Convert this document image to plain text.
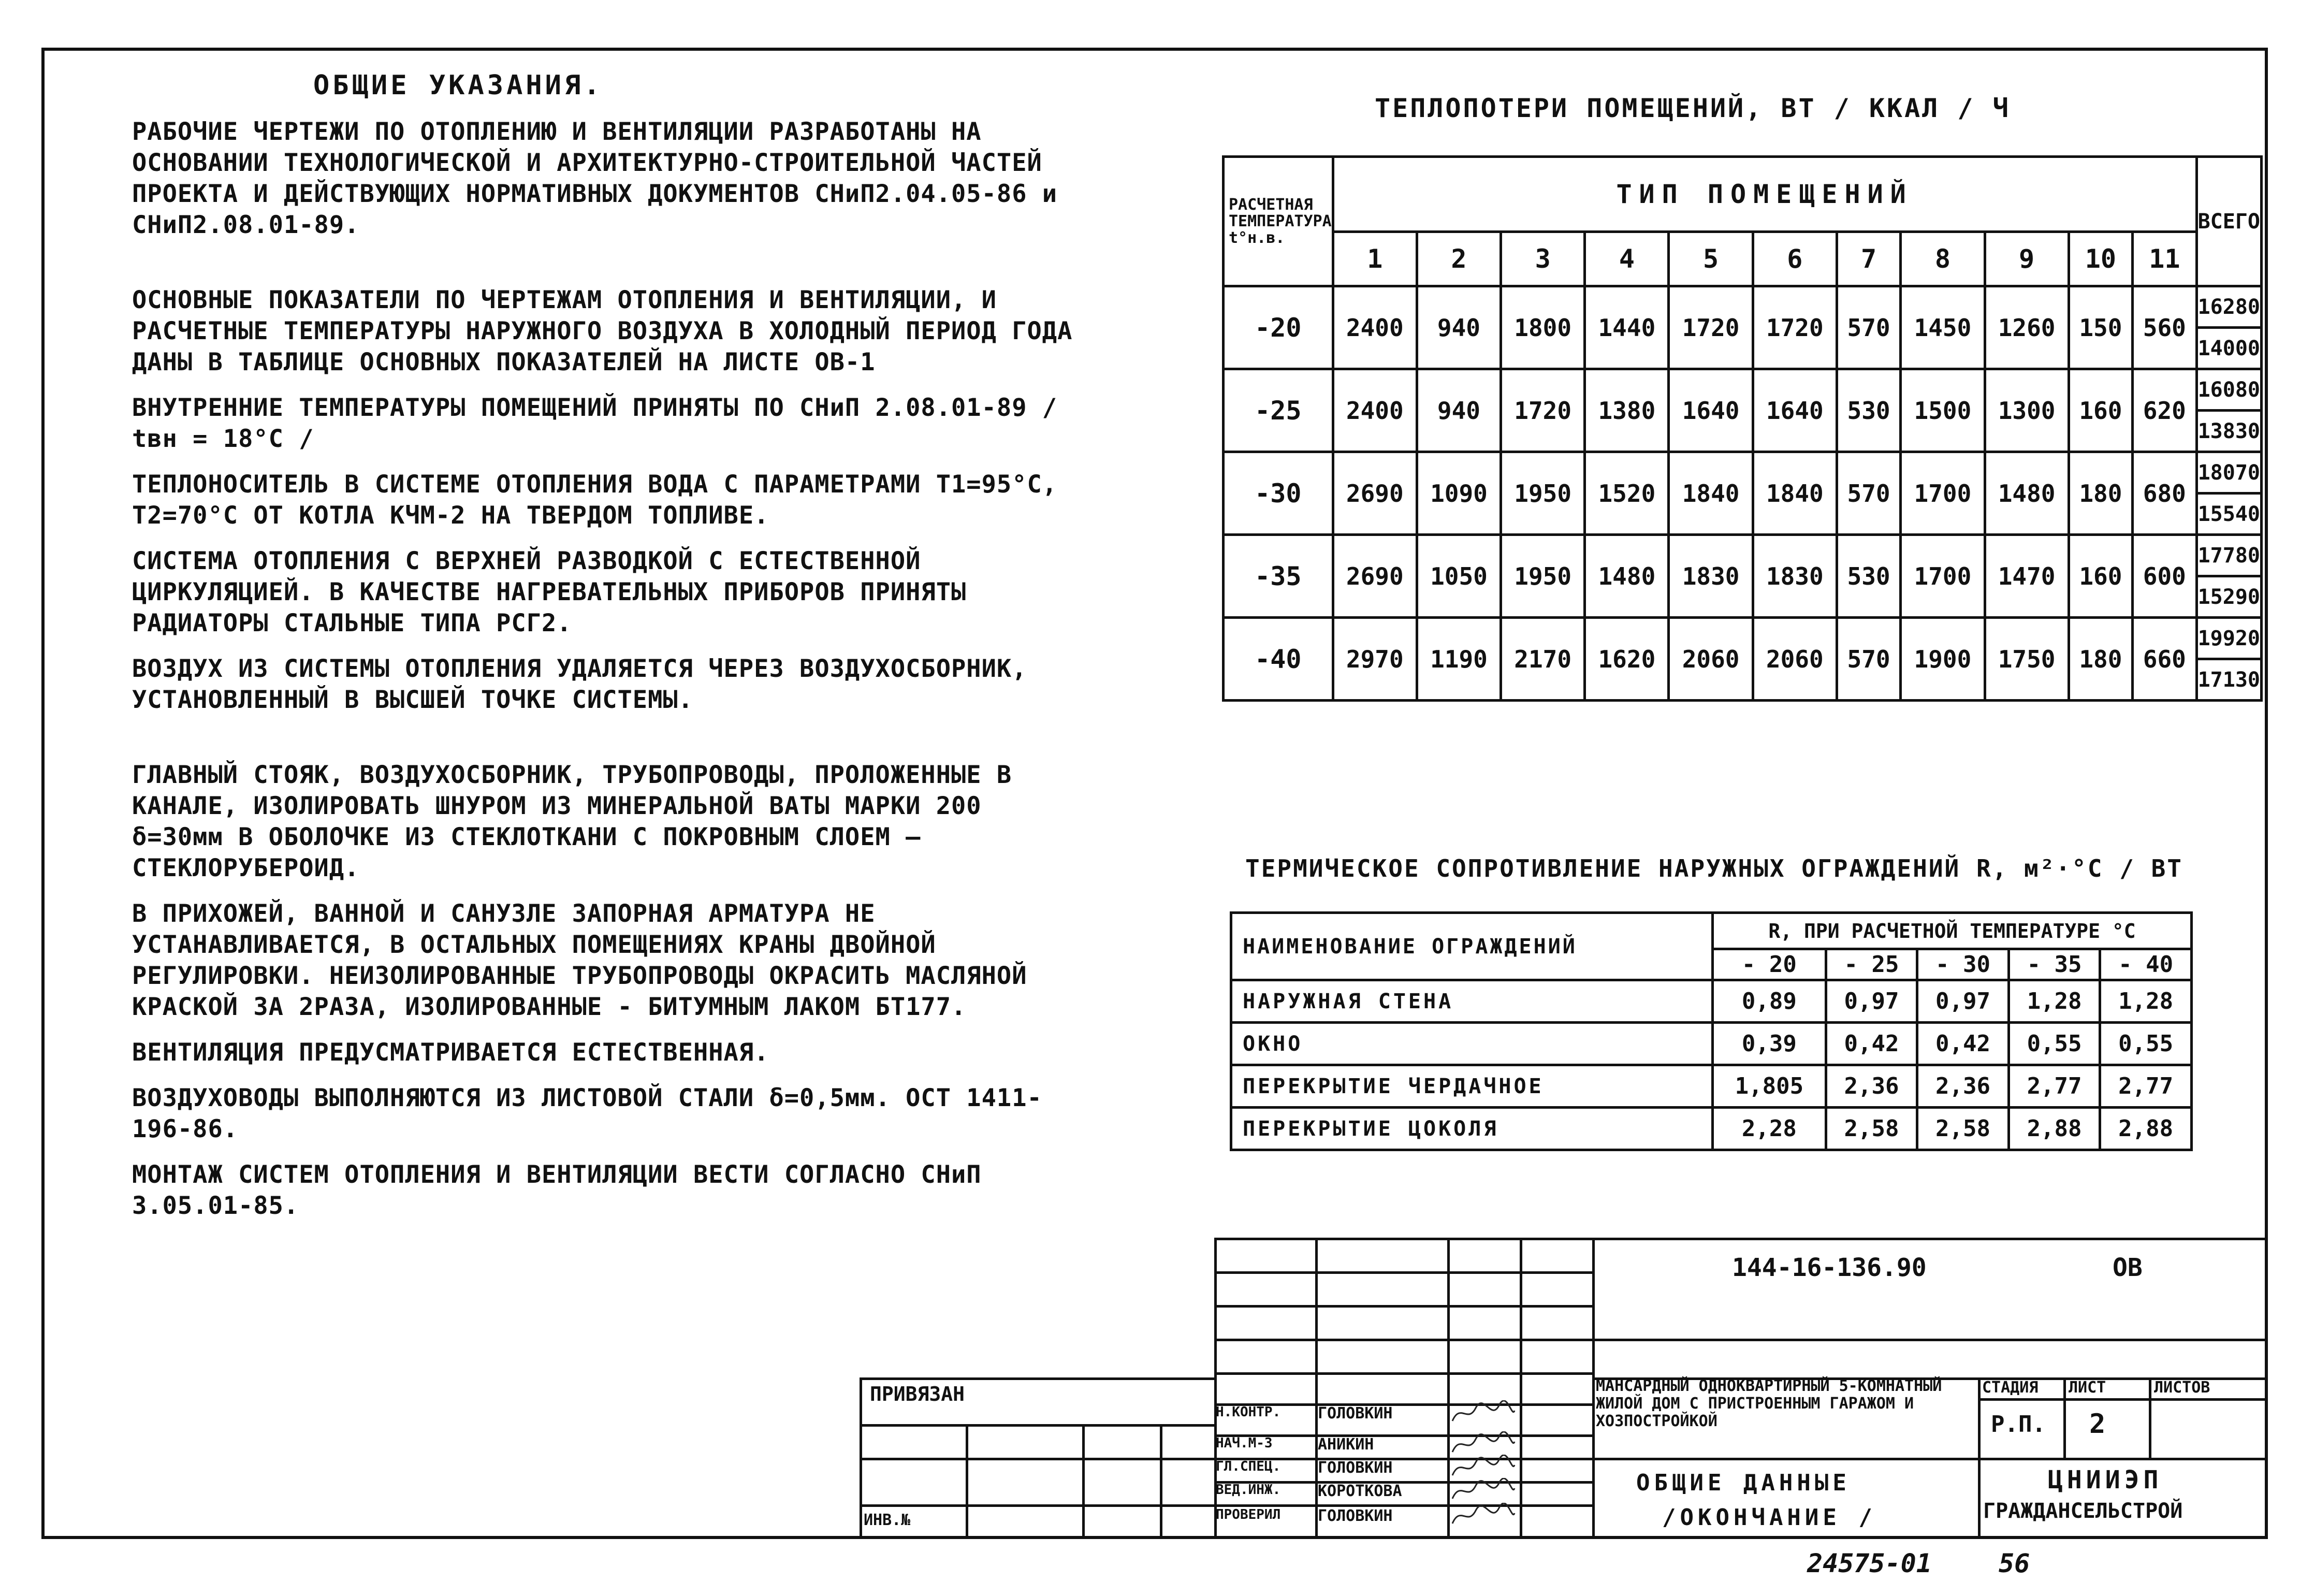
ОБЩИЕ УКАЗАНИЯ.

РАБОЧИЕ ЧЕРТЕЖИ ПО ОТОПЛЕНИЮ И ВЕНТИЛЯЦИИ РАЗРАБОТАНЫ НА ОСНОВАНИИ ТЕХНОЛОГИЧЕСКОЙ И АРХИТЕКТУРНО-СТРОИТЕЛЬНОЙ ЧАСТЕЙ ПРОЕКТА И ДЕЙСТВУЮЩИХ НОРМАТИВНЫХ ДОКУМЕНТОВ СНиП2.04.05-86 и СНиП2.08.01-89.

ОСНОВНЫЕ ПОКАЗАТЕЛИ ПО ЧЕРТЕЖАМ ОТОПЛЕНИЯ И ВЕНТИЛЯЦИИ, И РАСЧЕТНЫЕ ТЕМПЕРАТУРЫ НАРУЖНОГО ВОЗДУХА В ХОЛОДНЫЙ ПЕРИОД ГОДА ДАНЫ В ТАБЛИЦЕ ОСНОВНЫХ ПОКАЗАТЕЛЕЙ НА ЛИСТЕ ОВ-1

ВНУТРЕННИЕ ТЕМПЕРАТУРЫ ПОМЕЩЕНИЙ ПРИНЯТЫ ПО СНиП 2.08.01-89 / tвн = 18°C /

ТЕПЛОНОСИТЕЛЬ В СИСТЕМЕ ОТОПЛЕНИЯ ВОДА С ПАРАМЕТРАМИ Т1=95°С, Т2=70°С ОТ КОТЛА КЧМ-2 НА ТВЕРДОМ ТОПЛИВЕ.

СИСТЕМА ОТОПЛЕНИЯ С ВЕРХНЕЙ РАЗВОДКОЙ С ЕСТЕСТВЕННОЙ ЦИРКУЛЯЦИЕЙ. В КАЧЕСТВЕ НАГРЕВАТЕЛЬНЫХ ПРИБОРОВ ПРИНЯТЫ РАДИАТОРЫ СТАЛЬНЫЕ ТИПА РСГ2.

ВОЗДУХ ИЗ СИСТЕМЫ ОТОПЛЕНИЯ УДАЛЯЕТСЯ ЧЕРЕЗ ВОЗДУХОСБОРНИК, УСТАНОВЛЕННЫЙ В ВЫСШЕЙ ТОЧКЕ СИСТЕМЫ.

ГЛАВНЫЙ СТОЯК, ВОЗДУХОСБОРНИК, ТРУБОПРОВОДЫ, ПРОЛОЖЕННЫЕ В КАНАЛЕ, ИЗОЛИРОВАТЬ ШНУРОМ ИЗ МИНЕРАЛЬНОЙ ВАТЫ МАРКИ 200 δ=30мм В ОБОЛОЧКЕ ИЗ СТЕКЛОТКАНИ С ПОКРОВНЫМ СЛОЕМ — СТЕКЛОРУБЕРОИД.

В ПРИХОЖЕЙ, ВАННОЙ И САНУЗЛЕ ЗАПОРНАЯ АРМАТУРА НЕ УСТАНАВЛИВАЕТСЯ, В ОСТАЛЬНЫХ ПОМЕЩЕНИЯХ КРАНЫ ДВОЙНОЙ РЕГУЛИРОВКИ. НЕИЗОЛИРОВАННЫЕ ТРУБОПРОВОДЫ ОКРАСИТЬ МАСЛЯНОЙ КРАСКОЙ ЗА 2РАЗА, ИЗОЛИРОВАННЫЕ - БИТУМНЫМ ЛАКОМ БТ177.

ВЕНТИЛЯЦИЯ ПРЕДУСМАТРИВАЕТСЯ ЕСТЕСТВЕННАЯ.

ВОЗДУХОВОДЫ ВЫПОЛНЯЮТСЯ ИЗ ЛИСТОВОЙ СТАЛИ δ=0,5мм. ОСТ 1411-196-86.

МОНТАЖ СИСТЕМ ОТОПЛЕНИЯ И ВЕНТИЛЯЦИИ ВЕСТИ СОГЛАСНО СНиП 3.05.01-85.

ТЕПЛОПОТЕРИ ПОМЕЩЕНИЙ, ВТ / ККАЛ / Ч
РАСЧЕТНАЯ ТЕМПЕРАТУРА t°н.в.	ТИП ПОМЕЩЕНИЙ											ВСЕГО
	1	2	3	4	5	6	7	8	9	10	11	
-20	2400	940	1800	1440	1720	1720	570	1450	1260	150	560	16280
												14000
-25	2400	940	1720	1380	1640	1640	530	1500	1300	160	620	16080
												13830
-30	2690	1090	1950	1520	1840	1840	570	1700	1480	180	680	18070
												15540
-35	2690	1050	1950	1480	1830	1830	530	1700	1470	160	600	17780
												15290
-40	2970	1190	2170	1620	2060	2060	570	1900	1750	180	660	19920
												17130
ТЕРМИЧЕСКОЕ СОПРОТИВЛЕНИЕ НАРУЖНЫХ ОГРАЖДЕНИЙ R, м²·°С / ВТ
НАИМЕНОВАНИЕ ОГРАЖДЕНИЙ	R, ПРИ РАСЧЕТНОЙ ТЕМПЕРАТУРЕ °С				
	- 20	- 25	- 30	- 35	- 40
НАРУЖНАЯ СТЕНА	0,89	0,97	0,97	1,28	1,28
ОКНО	0,39	0,42	0,42	0,55	0,55
ПЕРЕКРЫТИЕ ЧЕРДАЧНОЕ	1,805	2,36	2,36	2,77	2,77
ПЕРЕКРЫТИЕ ЦОКОЛЯ	2,28	2,58	2,58	2,88	2,88
ПРИВЯЗАН
ИНВ.№
144-16-136.90	ОВ
Н.КОНТР. ГОЛОВКИН
НАЧ.М-3	АНИКИН
ГЛ.СПЕЦ. ГОЛОВКИН
ВЕД.ИНЖ. КОРОТКОВА
ПРОВЕРИЛ ГОЛОВКИН
МАНСАРДНЫЙ ОДНОКВАРТИРНЫЙ 5-КОМНАТНЫЙ ЖИЛОЙ ДОМ С ПРИСТРОЕННЫМ ГАРАЖОМ И ХОЗПОСТРОЙКОЙ
СТАДИЯ ЛИСТ	ЛИСТОВ
Р.П. 2
ОБЩИЕ ДАННЫЕ
/ОКОНЧАНИЕ /
ЦНИИЭП
ГРАЖДАНСЕЛЬСТРОЙ
24575-01	56
